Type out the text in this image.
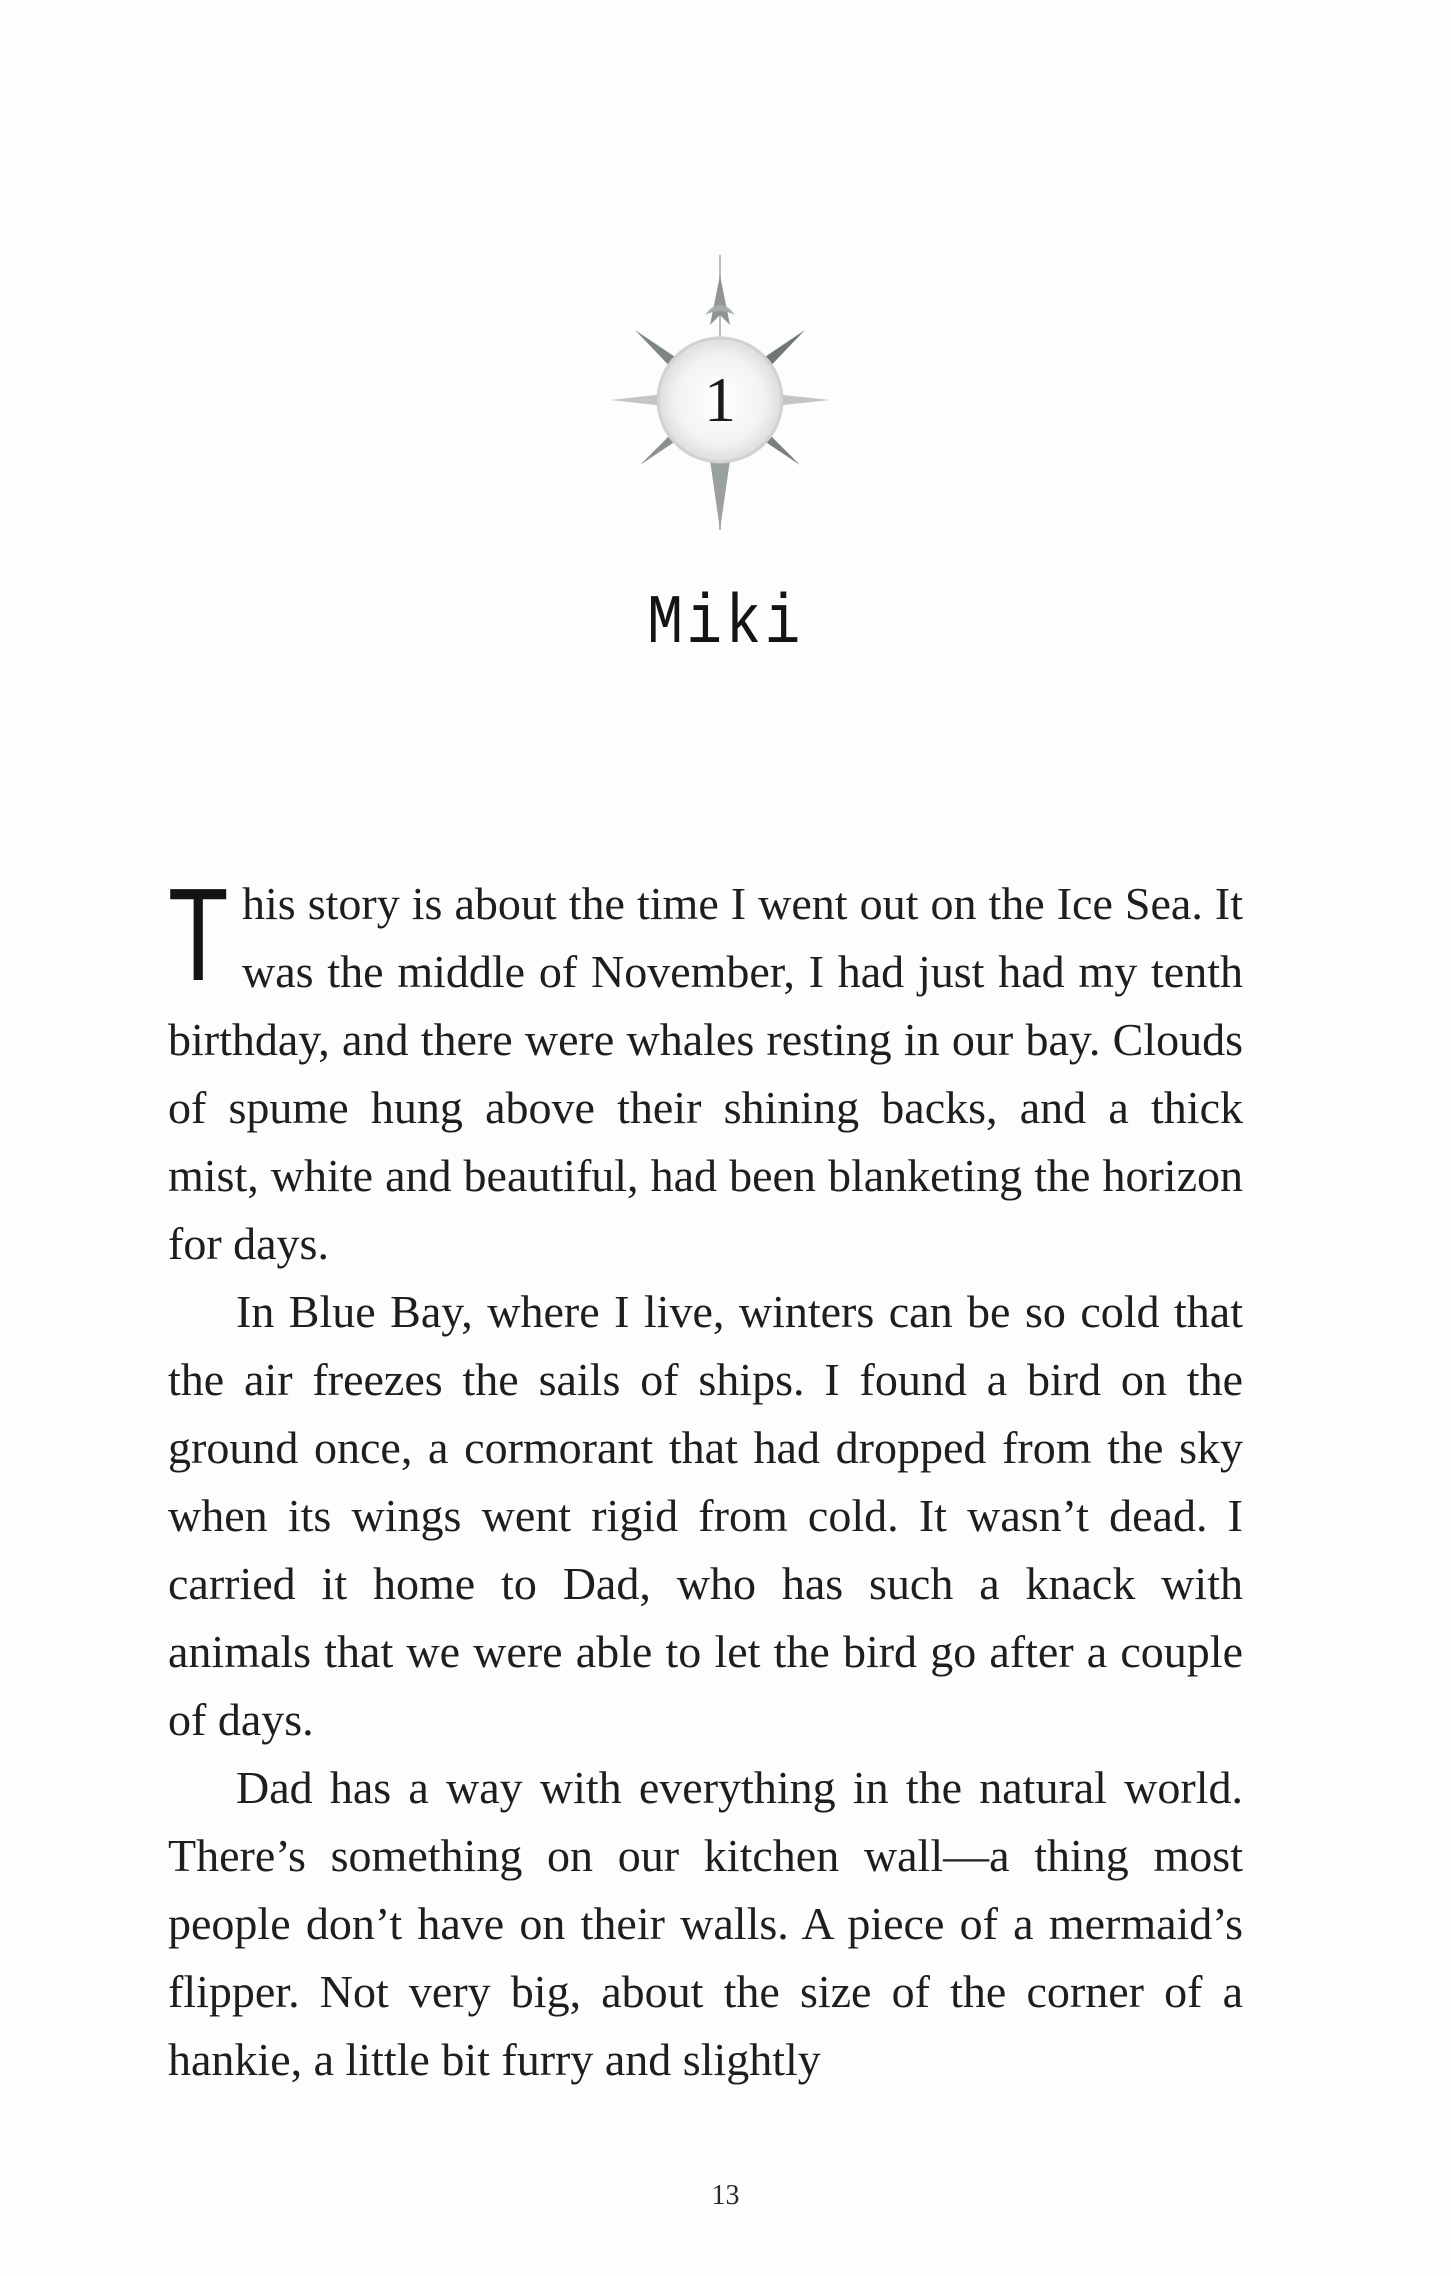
1
Miki

This story is about the time I went out on the Ice Sea. It was the middle of November, I had just had my tenth birthday, and there were whales resting in our bay. Clouds of spume hung above their shining backs, and a thick mist, white and beautiful, had been blanketing the horizon for days.

In Blue Bay, where I live, winters can be so cold that the air freezes the sails of ships. I found a bird on the ground once, a cormorant that had dropped from the sky when its wings went rigid from cold. It wasn’t dead. I carried it home to Dad, who has such a knack with animals that we were able to let the bird go after a couple of days.

Dad has a way with everything in the natural world. There’s something on our kitchen wall—a thing most people don’t have on their walls. A piece of a mermaid’s flipper. Not very big, about the size of the corner of a hankie, a little bit furry and slightly

13
